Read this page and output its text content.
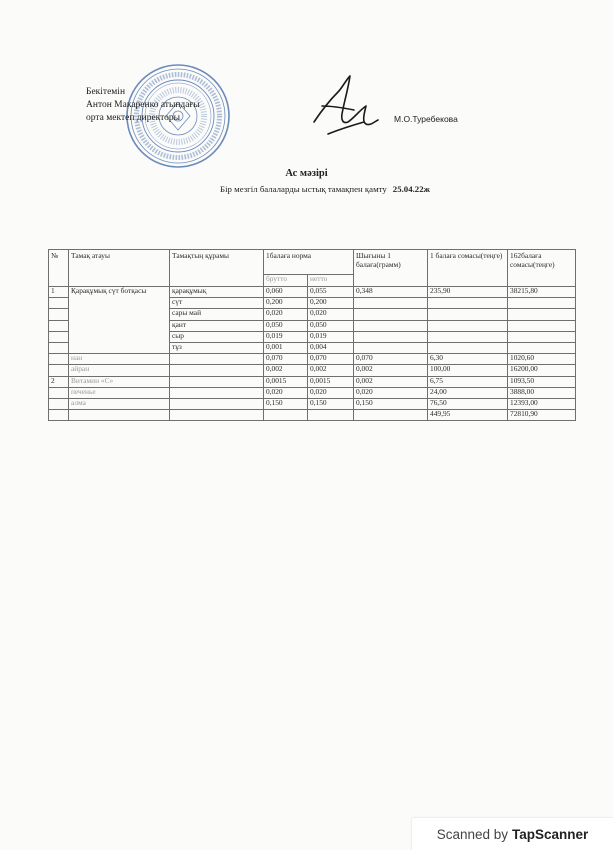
Бекітемін
Антон Макаренко атындағы
орта мектеп директоры	М.О.Туребекова
Ас мәзірі
Бір мезгіл балаларды ыстық тамақпен қамту 25.04.22ж
№	Тамақ атауы	Тамақтың құрамы	1балаға норма		Шығыны 1 балаға(грамм)	1 балаға сомасы(теңге)	162балаға сомасы(теңге)
			брутто	нетто			
1	Қарақұмық сүт ботқасы	қарақұмық	0,060	0,055	0,348	235,90	38215,80
		сүт	0,200	0,200			
		сары май	0,020	0,020			
		қант	0,050	0,050			
		сыр	0,019	0,019			
		тұз	0,001	0,004			
	нан		0,070	0,070	0,070	6,30	1020,60
	айран		0,002	0,002	0,002	100,00	16200,00
2	Витамин «С»		0,0015	0,0015	0,002	6,75	1093,50
	печенье		0,020	0,020	0,020	24,00	3888,00
	алма		0,150	0,150	0,150	76,50	12393,00
						449,95	72810,90
Scanned by TapScanner
